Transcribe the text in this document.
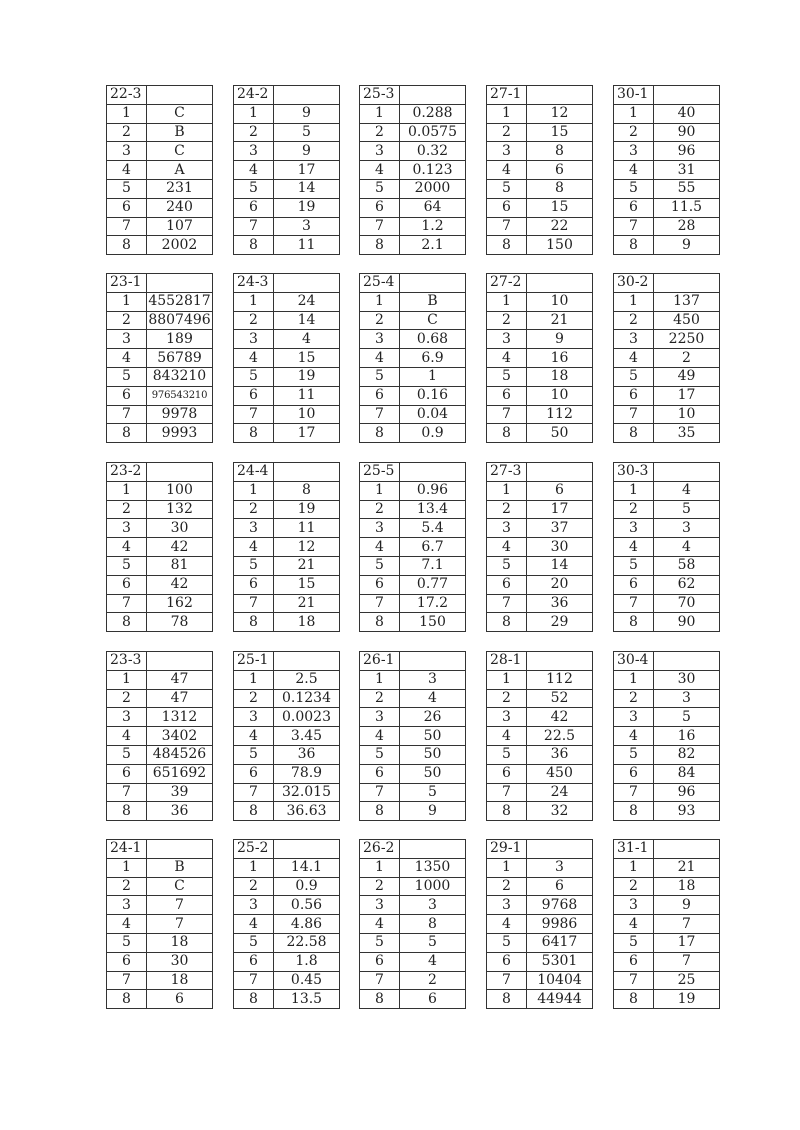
22-3	
1	C
2	B
3	C
4	A
5	231
6	240
7	107
8	2002
23-1	
1	4552817
2	8807496
3	189
4	56789
5	843210
6	976543210
7	9978
8	9993
23-2	
1	100
2	132
3	30
4	42
5	81
6	42
7	162
8	78
23-3	
1	47
2	47
3	1312
4	3402
5	484526
6	651692
7	39
8	36
24-1	
1	B
2	C
3	7
4	7
5	18
6	30
7	18
8	6
24-2	
1	9
2	5
3	9
4	17
5	14
6	19
7	3
8	11
24-3	
1	24
2	14
3	4
4	15
5	19
6	11
7	10
8	17
24-4	
1	8
2	19
3	11
4	12
5	21
6	15
7	21
8	18
25-1	
1	2.5
2	0.1234
3	0.0023
4	3.45
5	36
6	78.9
7	32.015
8	36.63
25-2	
1	14.1
2	0.9
3	0.56
4	4.86
5	22.58
6	1.8
7	0.45
8	13.5
25-3	
1	0.288
2	0.0575
3	0.32
4	0.123
5	2000
6	64
7	1.2
8	2.1
25-4	
1	B
2	C
3	0.68
4	6.9
5	1
6	0.16
7	0.04
8	0.9
25-5	
1	0.96
2	13.4
3	5.4
4	6.7
5	7.1
6	0.77
7	17.2
8	150
26-1	
1	3
2	4
3	26
4	50
5	50
6	50
7	5
8	9
26-2	
1	1350
2	1000
3	3
4	8
5	5
6	4
7	2
8	6
27-1	
1	12
2	15
3	8
4	6
5	8
6	15
7	22
8	150
27-2	
1	10
2	21
3	9
4	16
5	18
6	10
7	112
8	50
27-3	
1	6
2	17
3	37
4	30
5	14
6	20
7	36
8	29
28-1	
1	112
2	52
3	42
4	22.5
5	36
6	450
7	24
8	32
29-1	
1	3
2	6
3	9768
4	9986
5	6417
6	5301
7	10404
8	44944
30-1	
1	40
2	90
3	96
4	31
5	55
6	11.5
7	28
8	9
30-2	
1	137
2	450
3	2250
4	2
5	49
6	17
7	10
8	35
30-3	
1	4
2	5
3	3
4	4
5	58
6	62
7	70
8	90
30-4	
1	30
2	3
3	5
4	16
5	82
6	84
7	96
8	93
31-1	
1	21
2	18
3	9
4	7
5	17
6	7
7	25
8	19
